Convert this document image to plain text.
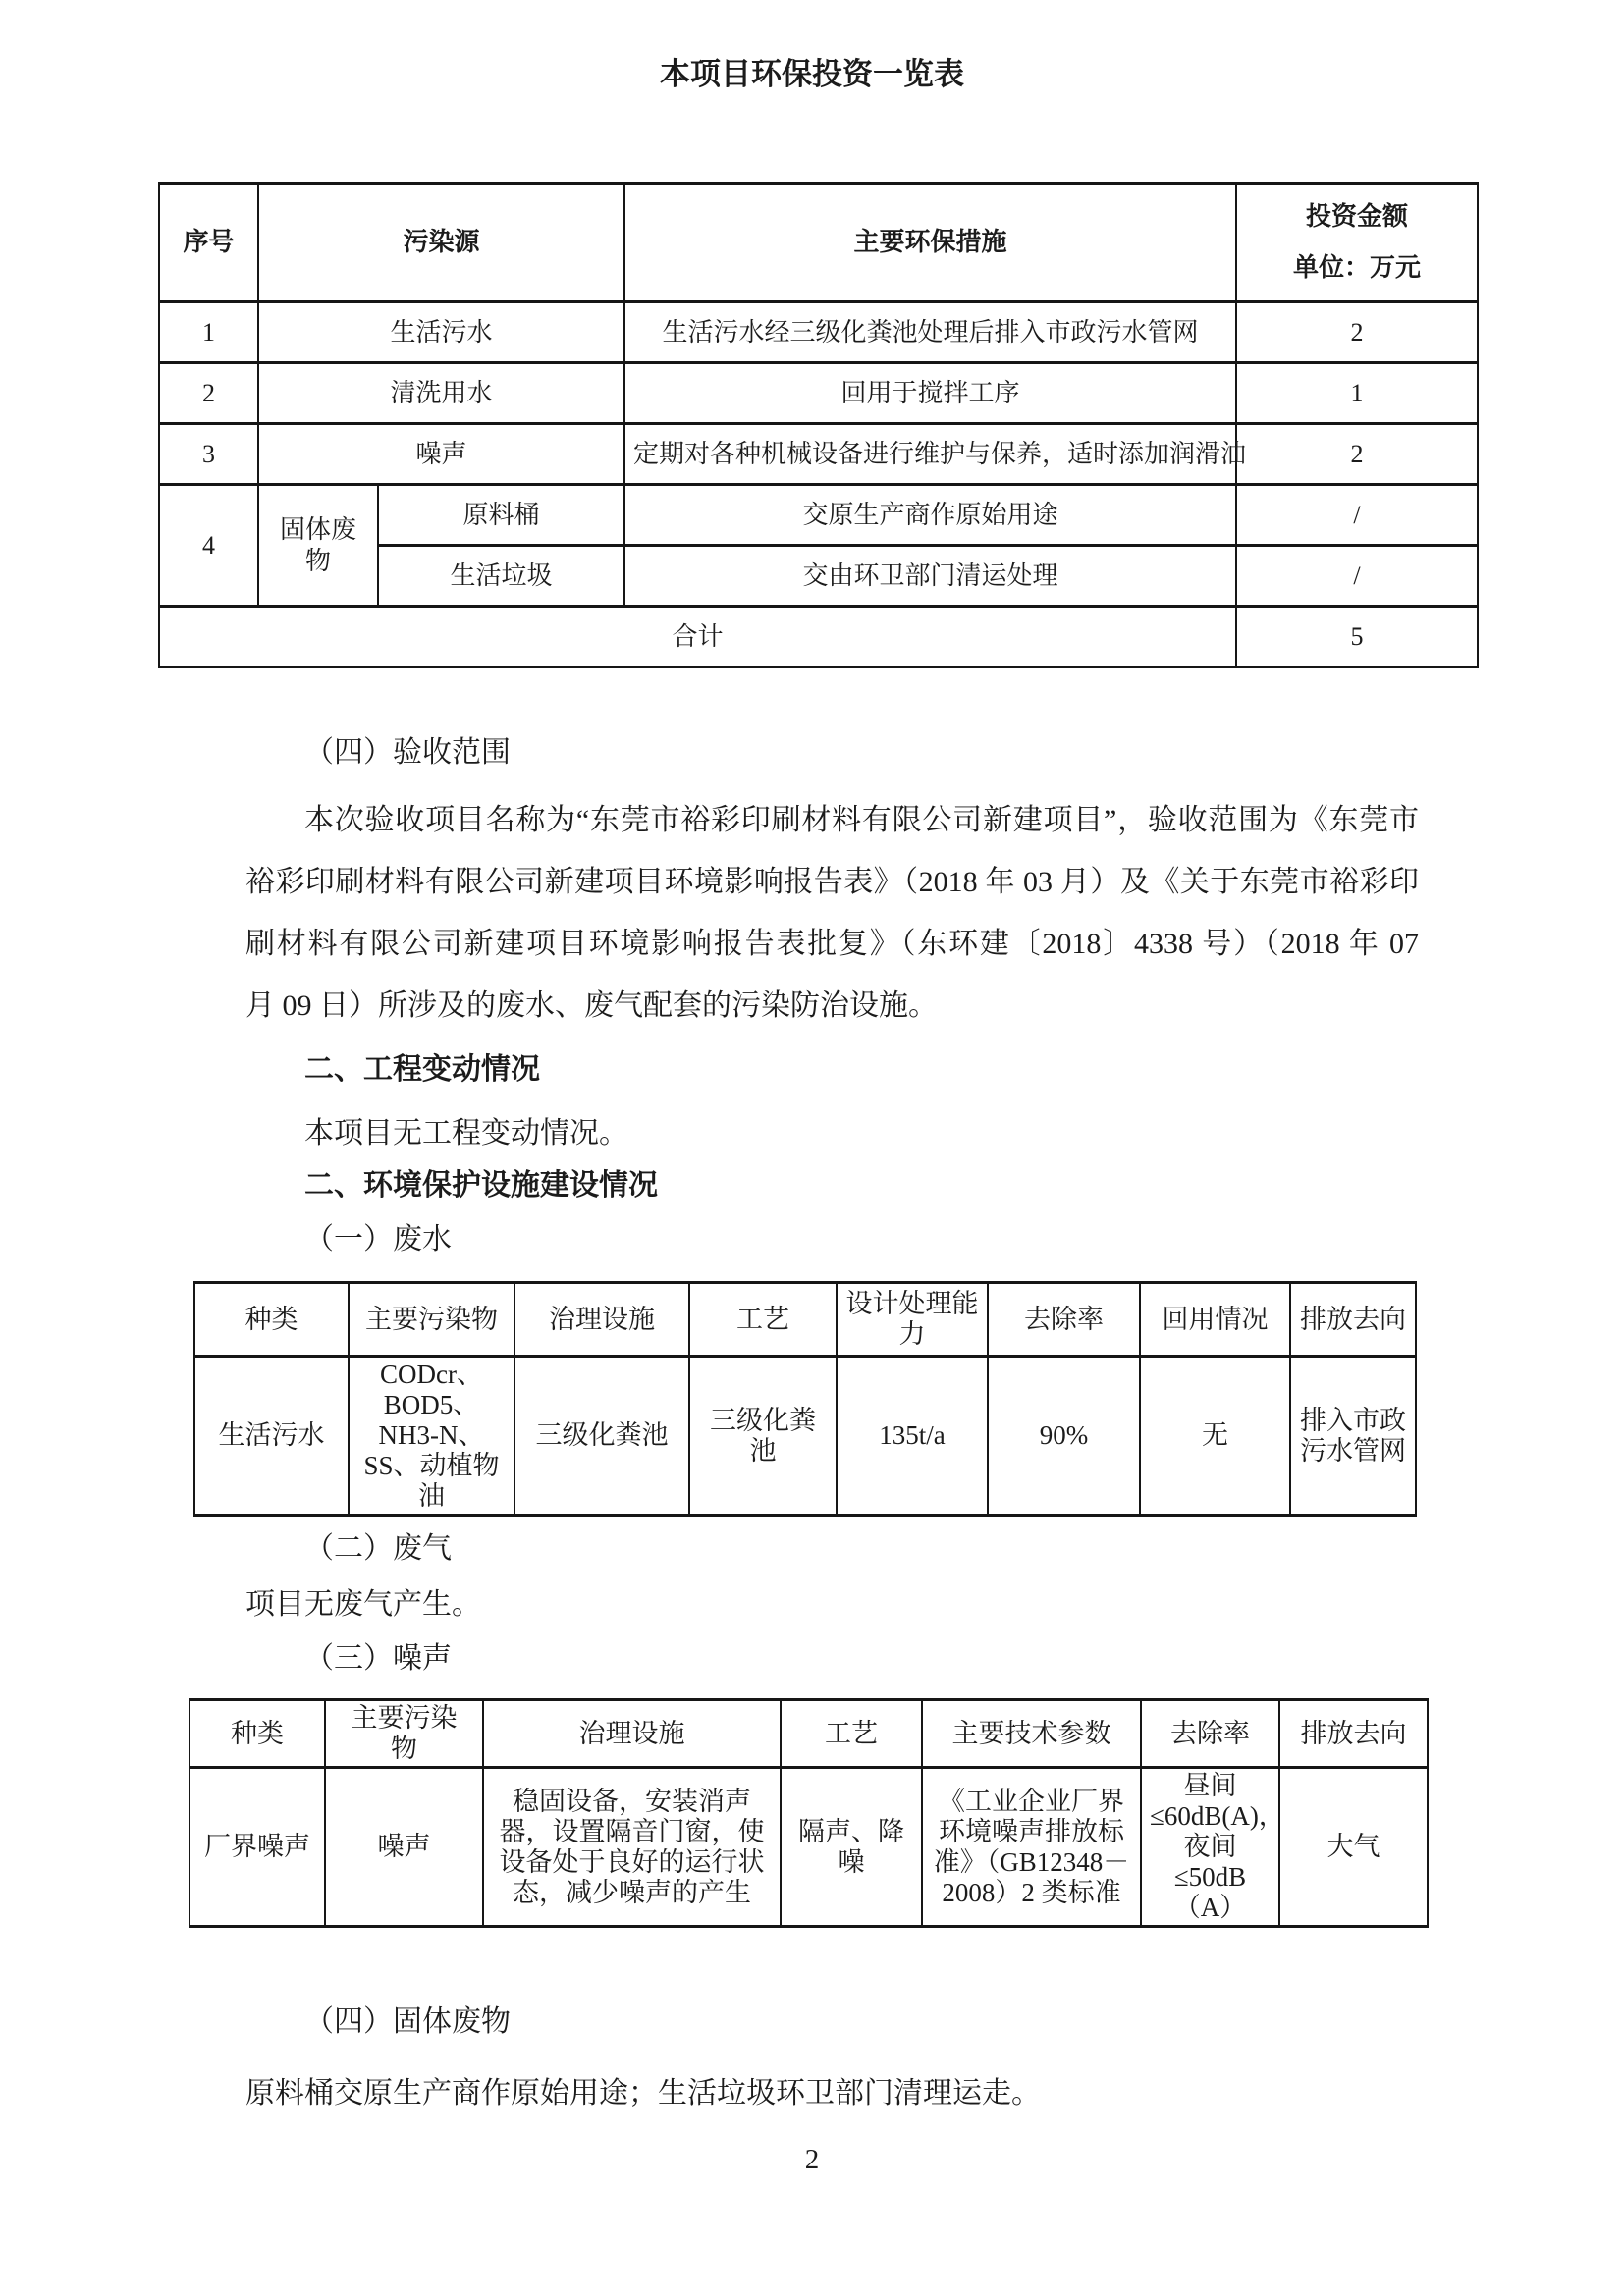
本项目环保投资一览表
序号	污染源		主要环保措施	投资金额
单位：万元

1	生活污水		生活污水经三级化粪池处理后排入市政污水管网	2
2	清洗用水		回用于搅拌工序	1
3	噪声		定期对各种机械设备进行维护与保养，适时添加润滑油	2
4	固体废物	原料桶	交原生产商作原始用途	/
		生活垃圾	交由环卫部门清运处理	/
合计				5
（四）验收范围
本次验收项目名称为“东莞市裕彩印刷材料有限公司新建项目”，验收范围为《东莞市
裕彩印刷材料有限公司新建项目环境影响报告表》（2018 年 03 月）及《关于东莞市裕彩印
刷材料有限公司新建项目环境影响报告表批复》（东环建〔2018〕4338 号）（2018 年 07
月 09 日）所涉及的废水、废气配套的污染防治设施。
二、工程变动情况
本项目无工程变动情况。
二、环境保护设施建设情况
（一）废水
种类	主要污染物	治理设施	工艺	设计处理能力	去除率	回用情况	排放去向
生活污水	CODcr、BOD5、NH3-N、SS、动植物油	三级化粪池	三级化粪池	135t/a	90%	无	排入市政污水管网
（二）废气
项目无废气产生。
（三）噪声
种类	主要污染物	治理设施	工艺	主要技术参数	去除率	排放去向
厂界噪声	噪声	稳固设备，安装消声器，设置隔音门窗，使设备处于良好的运行状态，减少噪声的产生	隔声、降噪	《工业企业厂界环境噪声排放标准》（GB12348－2008）2 类标准	昼间≤60dB(A)，夜间≤50dB（A）	大气
（四）固体废物
原料桶交原生产商作原始用途；生活垃圾环卫部门清理运走。
2
